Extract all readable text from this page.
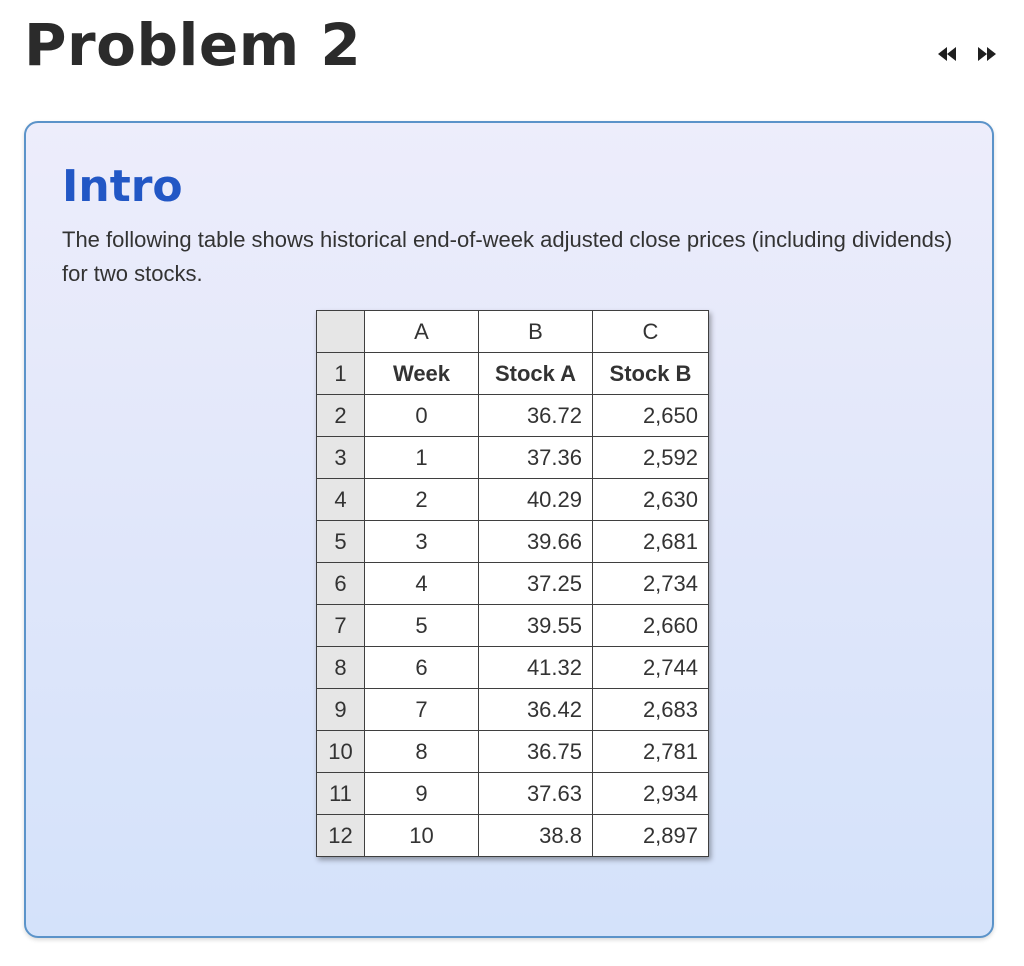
Problem 2
Intro

The following table shows historical end-of-week adjusted close prices (including dividends) for two stocks.

	A	B	C
1	Week	Stock A	Stock B
2	0	36.72	2,650
3	1	37.36	2,592
4	2	40.29	2,630
5	3	39.66	2,681
6	4	37.25	2,734
7	5	39.55	2,660
8	6	41.32	2,744
9	7	36.42	2,683
10	8	36.75	2,781
11	9	37.63	2,934
12	10	38.8	2,897
